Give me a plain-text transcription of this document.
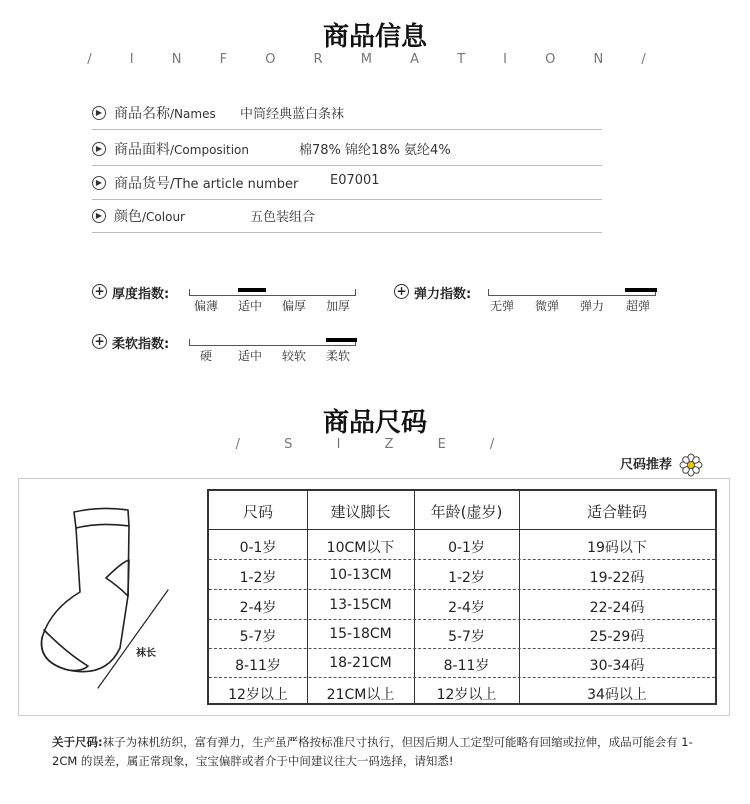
商品信息
/ I N F O R M A T I O N /
▶ 商品名称/Names 中筒经典蓝白条袜
▶ 商品面料/Composition	棉78% 锦纶18% 氨纶4%
▶ 商品货号/The article number E07001
▶ 颜色/Colour	五色装组合
+ 厚度指数:
偏薄 适中 偏厚 加厚
+ 弹力指数:
无弹 微弹 弹力 超弹
+ 柔软指数:
硬 适中 较软 柔软
商品尺码
/ S I Z E /
尺码推荐
袜长
尺码	建议脚长	年龄(虚岁)	适合鞋码
0-1岁	10CM以下	0-1岁	19码以下
1-2岁	10-13CM	1-2岁	19-22码
2-4岁	13-15CM	2-4岁	22-24码
5-7岁	15-18CM	5-7岁	25-29码
8-11岁	18-21CM	8-11岁	30-34码
12岁以上	21CM以上	12岁以上	34码以上
关于尺码:袜子为袜机纺织，富有弹力，生产虽严格按标准尺寸执行，但因后期人工定型可能略有回缩或拉伸，成品可能会有 1-2CM 的误差，属正常现象，宝宝偏胖或者介于中间建议往大一码选择，请知悉!
